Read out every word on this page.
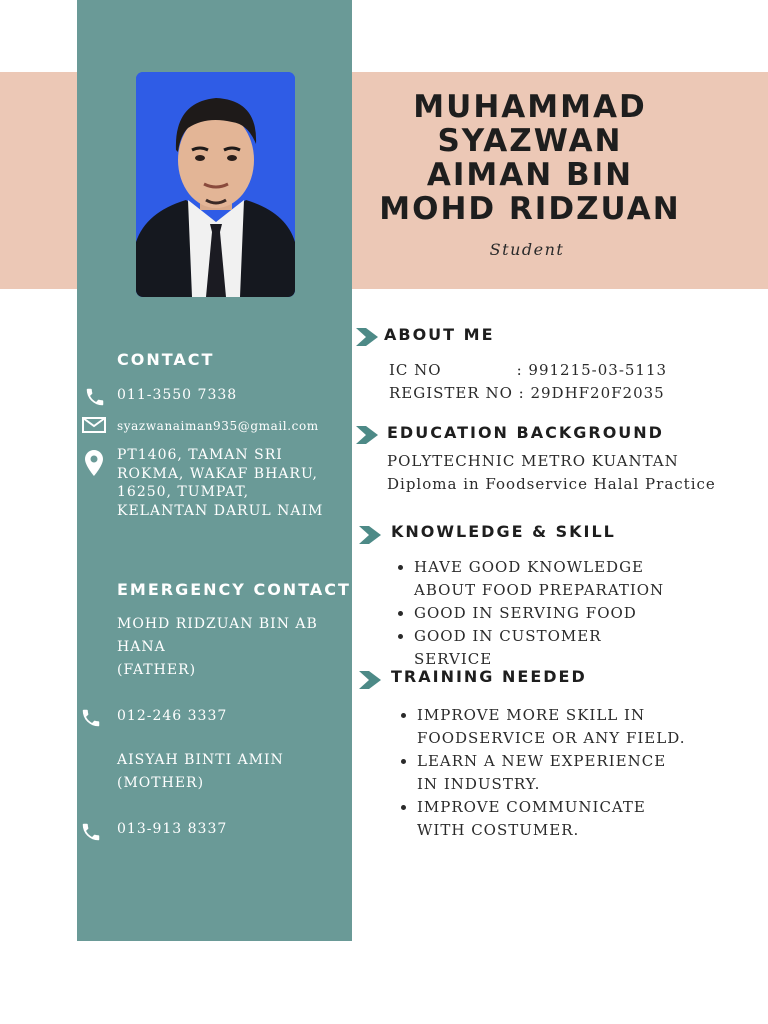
MUHAMMAD
SYAZWAN
AIMAN BIN
MOHD RIDZUAN
Student
CONTACT
011-3550 7338
syazwanaiman935@gmail.com
PT1406, TAMAN SRI
ROKMA, WAKAF BHARU,
16250, TUMPAT,
KELANTAN DARUL NAIM
EMERGENCY CONTACT
MOHD RIDZUAN BIN AB
HANA
(FATHER)
012-246 3337
AISYAH BINTI AMIN
(MOTHER)
013-913 8337
ABOUT ME
IC NO             : 991215-03-5113
REGISTER NO : 29DHF20F2035
EDUCATION BACKGROUND
POLYTECHNIC METRO KUANTAN
Diploma in Foodservice Halal Practice
KNOWLEDGE & SKILL
• HAVE GOOD KNOWLEDGE ABOUT FOOD PREPARATION
• GOOD IN SERVING FOOD
• GOOD IN CUSTOMER SERVICE
TRAINING NEEDED
• IMPROVE MORE SKILL IN FOODSERVICE OR ANY FIELD.
• LEARN A NEW EXPERIENCE IN INDUSTRY.
• IMPROVE COMMUNICATE WITH COSTUMER.
